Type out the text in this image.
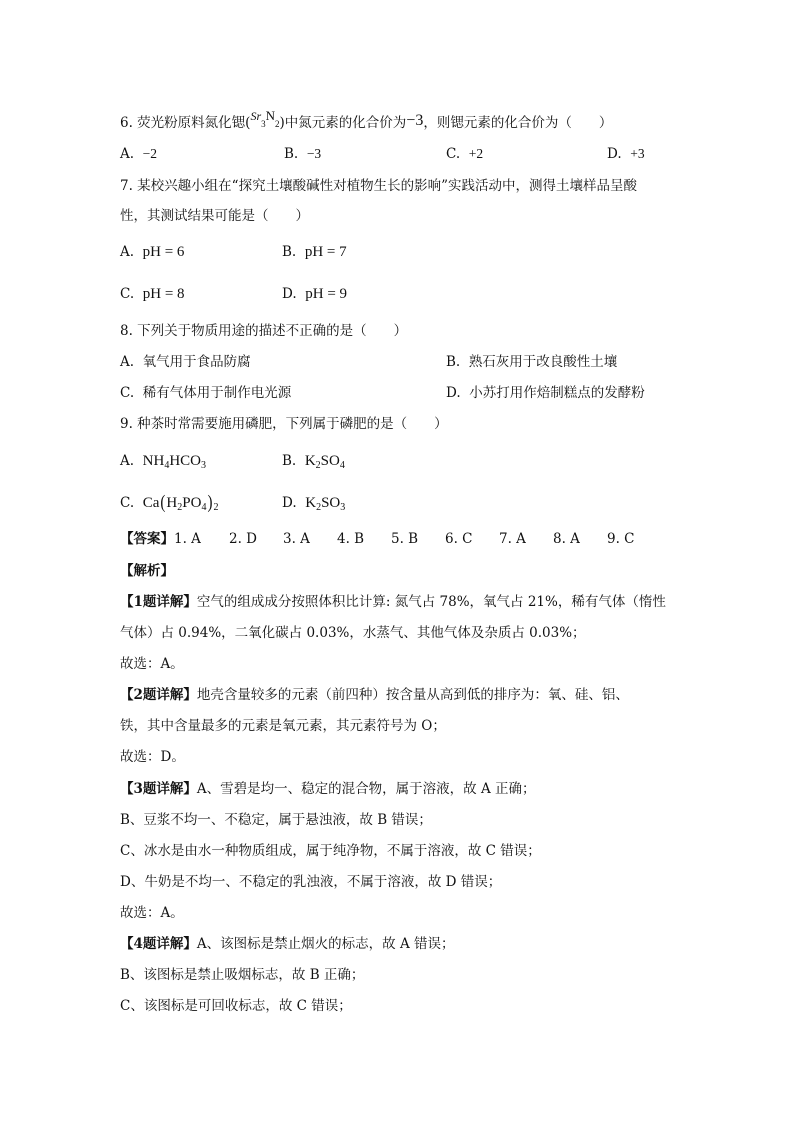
6. 荧光粉原料氮化锶$(Sr_3N_2)$中氮元素的化合价为−3，则锶元素的化合价为（　　）
A. −2	B. −3	C. +2	D. +3
7. 某校兴趣小组在“探究土壤酸碱性对植物生长的影响”实践活动中，测得土壤样品呈酸
性，其测试结果可能是（　　）
A. pH = 6	B. pH = 7
C. pH = 8	D. pH = 9
8. 下列关于物质用途的描述不正确的是（　　）
A. 氧气用于食品防腐	B. 熟石灰用于改良酸性土壤
C. 稀有气体用于制作电光源	D. 小苏打用作焙制糕点的发酵粉
9. 种茶时常需要施用磷肥，下列属于磷肥的是（　　）
A. $NH_4HCO_3$	B. $K_2SO_4$
C. $Ca(H_2PO_4)_2$	D. $K_2SO_3$
【答案】1. A 2. D 3. A 4. B 5. B 6. C 7. A 8. A 9. C
【解析】
【1题详解】空气的组成成分按照体积比计算: 氮气占 78%，氧气占 21%，稀有气体（惰性
气体）占 0.94%，二氧化碳占 0.03%，水蒸气、其他气体及杂质占 0.03%；
故选：A。
【2题详解】地壳含量较多的元素（前四种）按含量从高到低的排序为：氧、硅、铝、
铁，其中含量最多的元素是氧元素，其元素符号为 O；
故选：D。
【3题详解】A、雪碧是均一、稳定的混合物，属于溶液，故 A 正确；
B、豆浆不均一、不稳定，属于悬浊液，故 B 错误；
C、冰水是由水一种物质组成，属于纯净物，不属于溶液，故 C 错误；
D、牛奶是不均一、不稳定的乳浊液，不属于溶液，故 D 错误；
故选：A。
【4题详解】A、该图标是禁止烟火的标志，故 A 错误；
B、该图标是禁止吸烟标志，故 B 正确；
C、该图标是可回收标志，故 C 错误；
